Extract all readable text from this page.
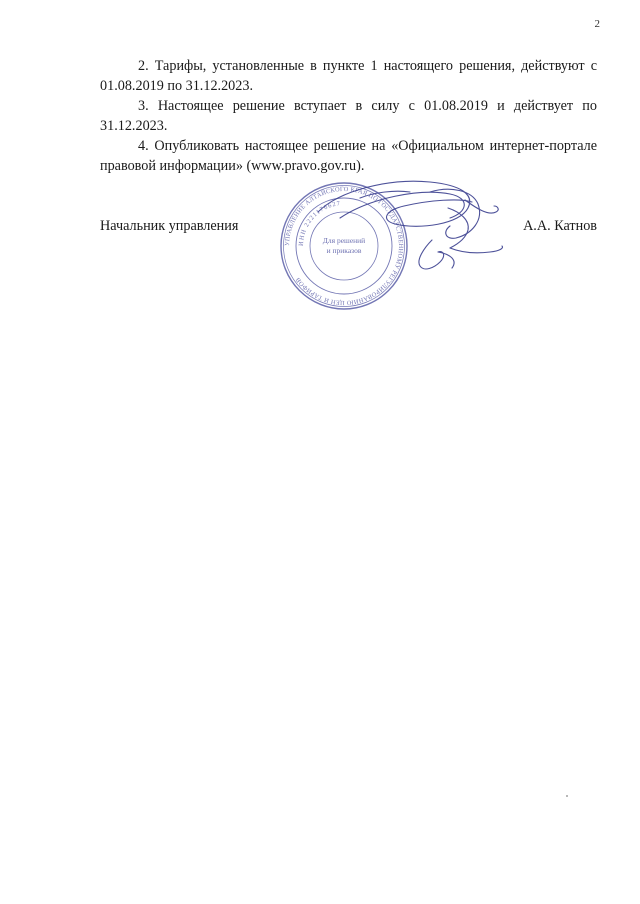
2

2. Тарифы, установленные в пункте 1 настоящего решения, действуют с 01.08.2019 по 31.12.2023.

3. Настоящее решение вступает в силу с 01.08.2019 и действует по 31.12.2023.

4. Опубликовать настоящее решение на «Официальном интернет-портале правовой информации» (www.pravo.gov.ru).

Начальник управления	А.А. Катнов
УПРАВЛЕНИЕ АЛТАЙСКОГО КРАЯ ПО ГОСУДАРСТВЕННОМУ РЕГУЛИРОВАНИЮ ЦЕН И ТАРИФОВ
ИНН 2221176627
Для решений
и приказов
